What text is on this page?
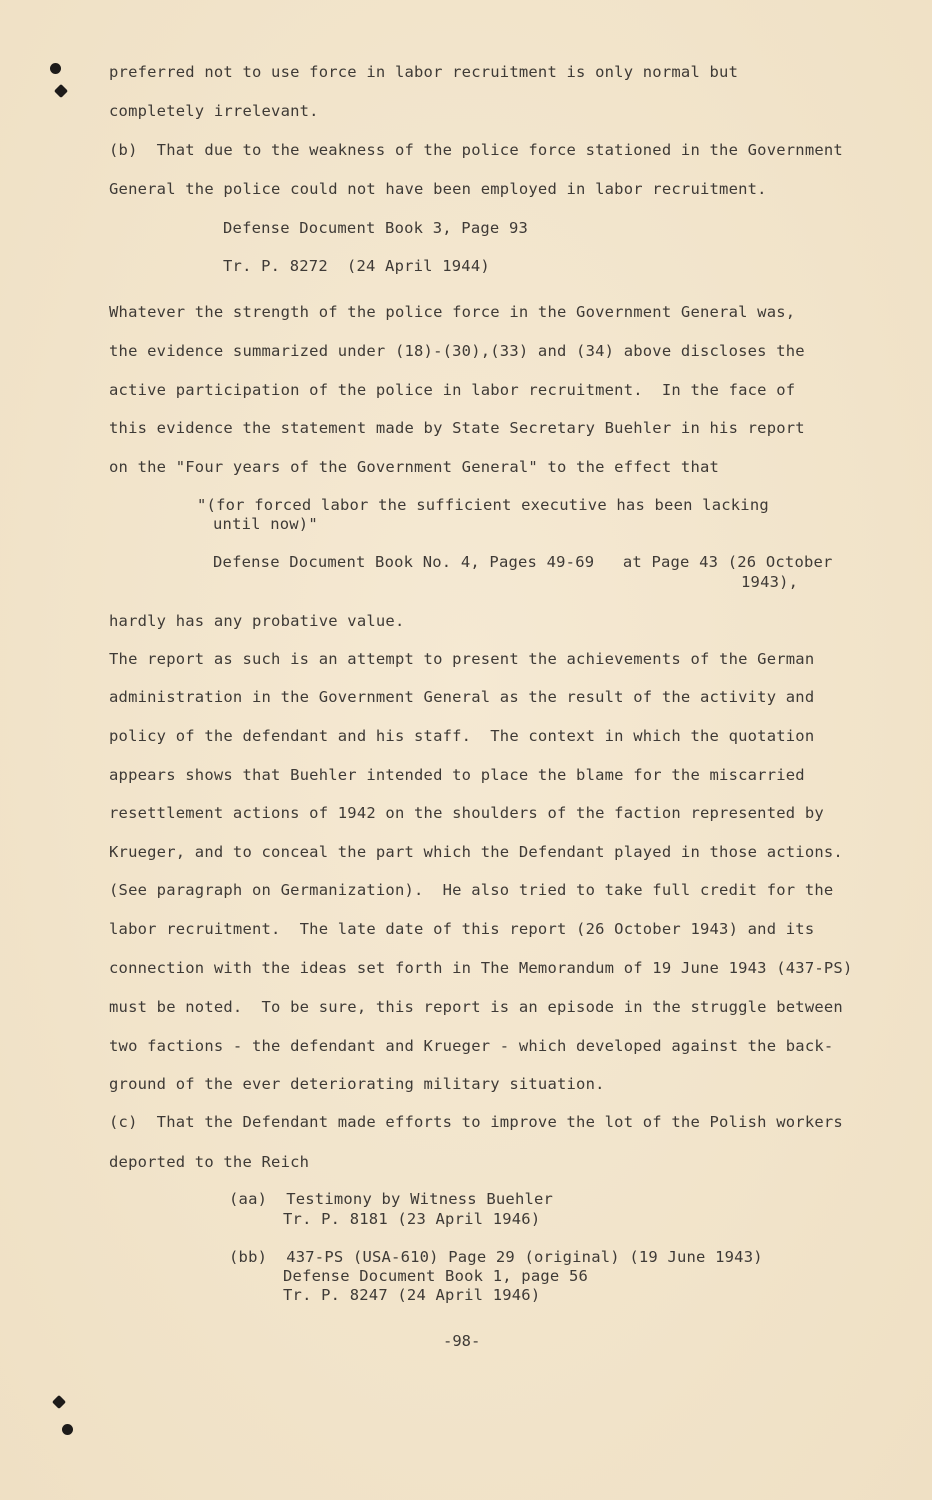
preferred not to use force in labor recruitment is only normal but
completely irrelevant.
(b)  That due to the weakness of the police force stationed in the Government
General the police could not have been employed in labor recruitment.
Defense Document Book 3, Page 93
Tr. P. 8272  (24 April 1944)
Whatever the strength of the police force in the Government General was,
the evidence summarized under (18)-(30),(33) and (34) above discloses the
active participation of the police in labor recruitment.  In the face of
this evidence the statement made by State Secretary Buehler in his report
on the "Four years of the Government General" to the effect that
"(for forced labor the sufficient executive has been lacking
until now)"
Defense Document Book No. 4, Pages 49-69   at Page 43 (26 October
1943),
hardly has any probative value.
The report as such is an attempt to present the achievements of the German
administration in the Government General as the result of the activity and
policy of the defendant and his staff.  The context in which the quotation
appears shows that Buehler intended to place the blame for the miscarried
resettlement actions of 1942 on the shoulders of the faction represented by
Krueger, and to conceal the part which the Defendant played in those actions.
(See paragraph on Germanization).  He also tried to take full credit for the
labor recruitment.  The late date of this report (26 October 1943) and its
connection with the ideas set forth in The Memorandum of 19 June 1943 (437-PS)
must be noted.  To be sure, this report is an episode in the struggle between
two factions - the defendant and Krueger - which developed against the back-
ground of the ever deteriorating military situation.
(c)  That the Defendant made efforts to improve the lot of the Polish workers
deported to the Reich
(aa)  Testimony by Witness Buehler
Tr. P. 8181 (23 April 1946)
(bb)  437-PS (USA-610) Page 29 (original) (19 June 1943)
Defense Document Book 1, page 56
Tr. P. 8247 (24 April 1946)
-98-
